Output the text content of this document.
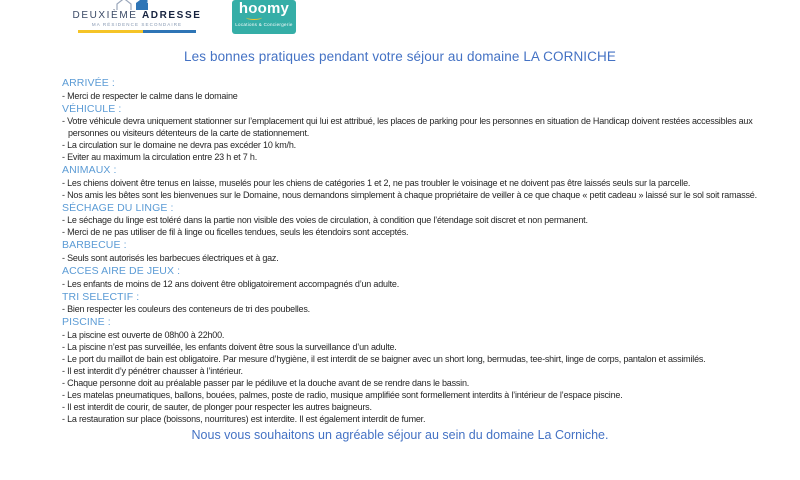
DEUXIÈME ADRESSE
MA RÉSIDENCE SECONDAIRE
hoomy
Locations & Conciergerie
Les bonnes pratiques pendant votre séjour au domaine LA CORNICHE
ARRIVÉE :
- Merci de respecter le calme dans le domaine
VÉHICULE :
- Votre véhicule devra uniquement stationner sur l’emplacement qui lui est attribué, les places de parking pour les personnes en situation de Handicap doivent restées accessibles aux personnes ou visiteurs détenteurs de la carte de stationnement.
- La circulation sur le domaine ne devra pas excéder 10 km/h.
- Eviter au maximum la circulation entre 23 h et 7 h.
ANIMAUX :
- Les chiens doivent être tenus en laisse, muselés pour les chiens de catégories 1 et 2, ne pas troubler le voisinage et ne doivent pas être laissés seuls sur la parcelle.
- Nos amis les bêtes sont les bienvenues sur le Domaine, nous demandons simplement à chaque propriétaire de veiller à ce que chaque « petit cadeau » laissé sur le sol soit ramassé.
SÉCHAGE DU LINGE :
- Le séchage du linge est toléré dans la partie non visible des voies de circulation, à condition que l’étendage soit discret et non permanent.
- Merci de ne pas utiliser de fil à linge ou ficelles tendues, seuls les étendoirs sont acceptés.
BARBECUE :
- Seuls sont autorisés les barbecues électriques et à gaz.
ACCES AIRE DE JEUX :
- Les enfants de moins de 12 ans doivent être obligatoirement accompagnés d’un adulte.
TRI SELECTIF :
- Bien respecter les couleurs des conteneurs de tri des poubelles.
PISCINE :
- La piscine est ouverte de 08h00 à 22h00.
- La piscine n’est pas surveillée, les enfants doivent être sous la surveillance d’un adulte.
- Le port du maillot de bain est obligatoire. Par mesure d’hygiène, il est interdit de se baigner avec un short long, bermudas, tee-shirt, linge de corps, pantalon et assimilés.
- Il est interdit d’y pénétrer chausser à l’intérieur.
- Chaque personne doit au préalable passer par le pédiluve et la douche avant de se rendre dans le bassin.
- Les matelas pneumatiques, ballons, bouées, palmes, poste de radio, musique amplifiée sont formellement interdits à l’intérieur de l’espace piscine.
- Il est interdit de courir, de sauter, de plonger pour respecter les autres baigneurs.
- La restauration sur place (boissons, nourritures) est interdite. Il est également interdit de fumer.
Nous vous souhaitons un agréable séjour au sein du domaine La Corniche.
